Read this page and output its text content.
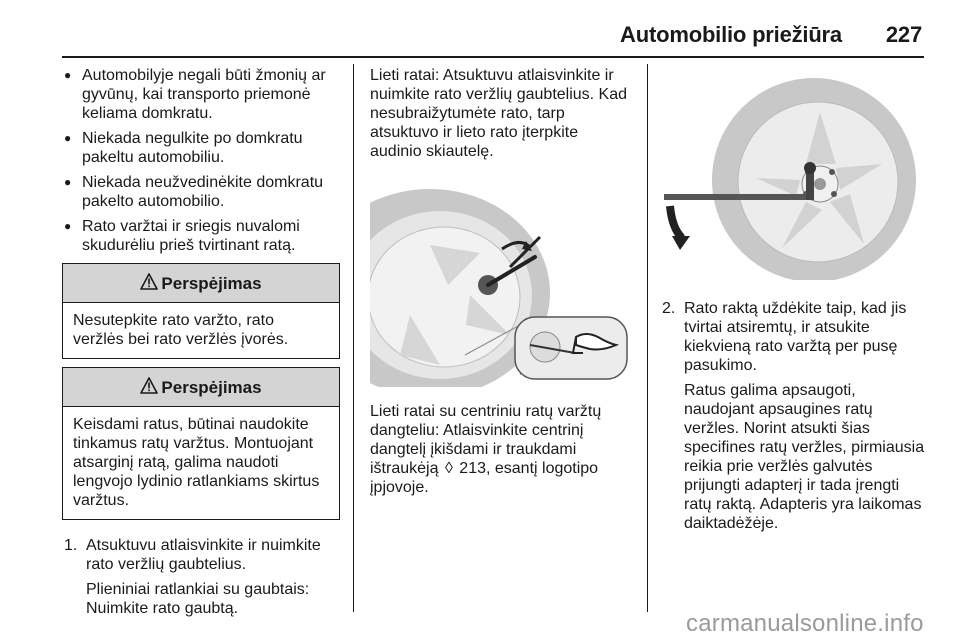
Automobilio priežiūra 227
● Automobilyje negali būti žmonių ar gyvūnų, kai transporto priemonė keliama domkratu.
● Niekada negulkite po domkratu pakeltu automobiliu.
● Niekada neužvedinėkite domkratu pakelto automobilio.
● Rato varžtai ir sriegis nuvalomi skudurėliu prieš tvirtinant ratą.
Perspėjimas
Nesutepkite rato varžto, rato veržlės bei rato veržlės įvorės.
Perspėjimas
Keisdami ratus, būtinai naudokite tinkamus ratų varžtus. Montuojant atsarginį ratą, galima naudoti lengvojo lydinio ratlankiams skirtus varžtus.
1. Atsuktuvu atlaisvinkite ir nuimkite rato veržlių gaubtelius.

Plieniniai ratlankiai su gaubtais: Nuimkite rato gaubtą.

Lieti ratai: Atsuktuvu atlaisvinkite ir nuimkite rato veržlių gaubtelius. Kad nesubraižytumėte rato, tarp atsuktuvo ir lieto rato įterpkite audinio skiautelę.

Lieti ratai su centriniu ratų varžtų dangteliu: Atlaisvinkite centrinį dangtelį įkišdami ir traukdami ištraukėją ◊ 213, esantį logotipo įpjovoje.

2. Rato raktą uždėkite taip, kad jis tvirtai atsiremtų, ir atsukite kiekvieną rato varžtą per pusę pasukimo.

Ratus galima apsaugoti, naudojant apsaugines ratų veržles. Norint atsukti šias specifines ratų veržles, pirmiausia reikia prie veržlės galvutės prijungti adapterį ir tada įrengti ratų raktą. Adapteris yra laikomas daiktadėžėje.

carmanualsonline.info
